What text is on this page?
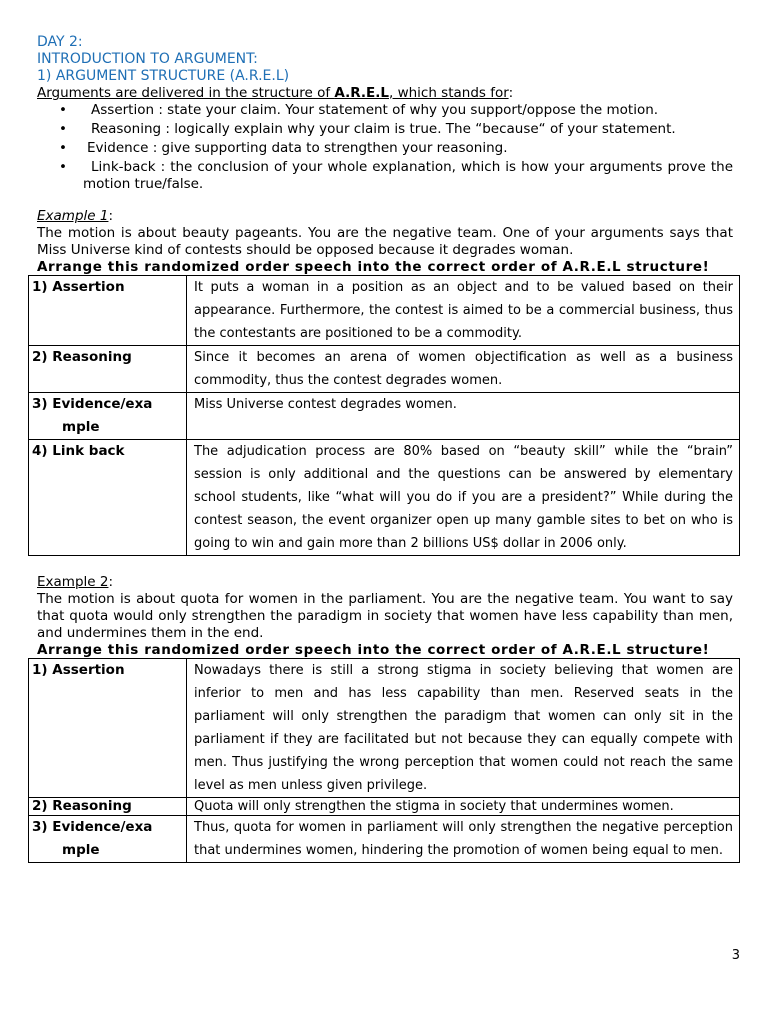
DAY 2:
INTRODUCTION TO ARGUMENT:
1) ARGUMENT STRUCTURE (A.R.E.L)
Arguments are delivered in the structure of A.R.E.L, which stands for:
• Assertion : state your claim. Your statement of why you support/oppose the motion.
• Reasoning : logically explain why your claim is true. The “because“ of your statement.
• Evidence : give supporting data to strengthen your reasoning.
• Link-back : the conclusion of your whole explanation, which is how your arguments prove the motion true/false.
Example 1:
The motion is about beauty pageants. You are the negative team. One of your arguments says that Miss Universe kind of contests should be opposed because it degrades woman.
Arrange this randomized order speech into the correct order of A.R.E.L structure!
1) Assertion	It puts a woman in a position as an object and to be valued based on their appearance. Furthermore, the contest is aimed to be a commercial business, thus the contestants are positioned to be a commodity.
2) Reasoning	Since it becomes an arena of women objectification as well as a business commodity, thus the contest degrades women.
3) Evidence/exa
mple	Miss Universe contest degrades women.
4) Link back	The adjudication process are 80% based on “beauty skill” while the “brain” session is only additional and the questions can be answered by elementary school students, like “what will you do if you are a president?” While during the contest season, the event organizer open up many gamble sites to bet on who is going to win and gain more than 2 billions US$ dollar in 2006 only.
Example 2:
The motion is about quota for women in the parliament. You are the negative team. You want to say that quota would only strengthen the paradigm in society that women have less capability than men, and undermines them in the end.
Arrange this randomized order speech into the correct order of A.R.E.L structure!
1) Assertion	Nowadays there is still a strong stigma in society believing that women are inferior to men and has less capability than men. Reserved seats in the parliament will only strengthen the paradigm that women can only sit in the parliament if they are facilitated but not because they can equally compete with men. Thus justifying the wrong perception that women could not reach the same level as men unless given privilege.
2) Reasoning	Quota will only strengthen the stigma in society that undermines women.
3) Evidence/exa
mple	Thus, quota for women in parliament will only strengthen the negative perception that undermines women, hindering the promotion of women being equal to men.
3
